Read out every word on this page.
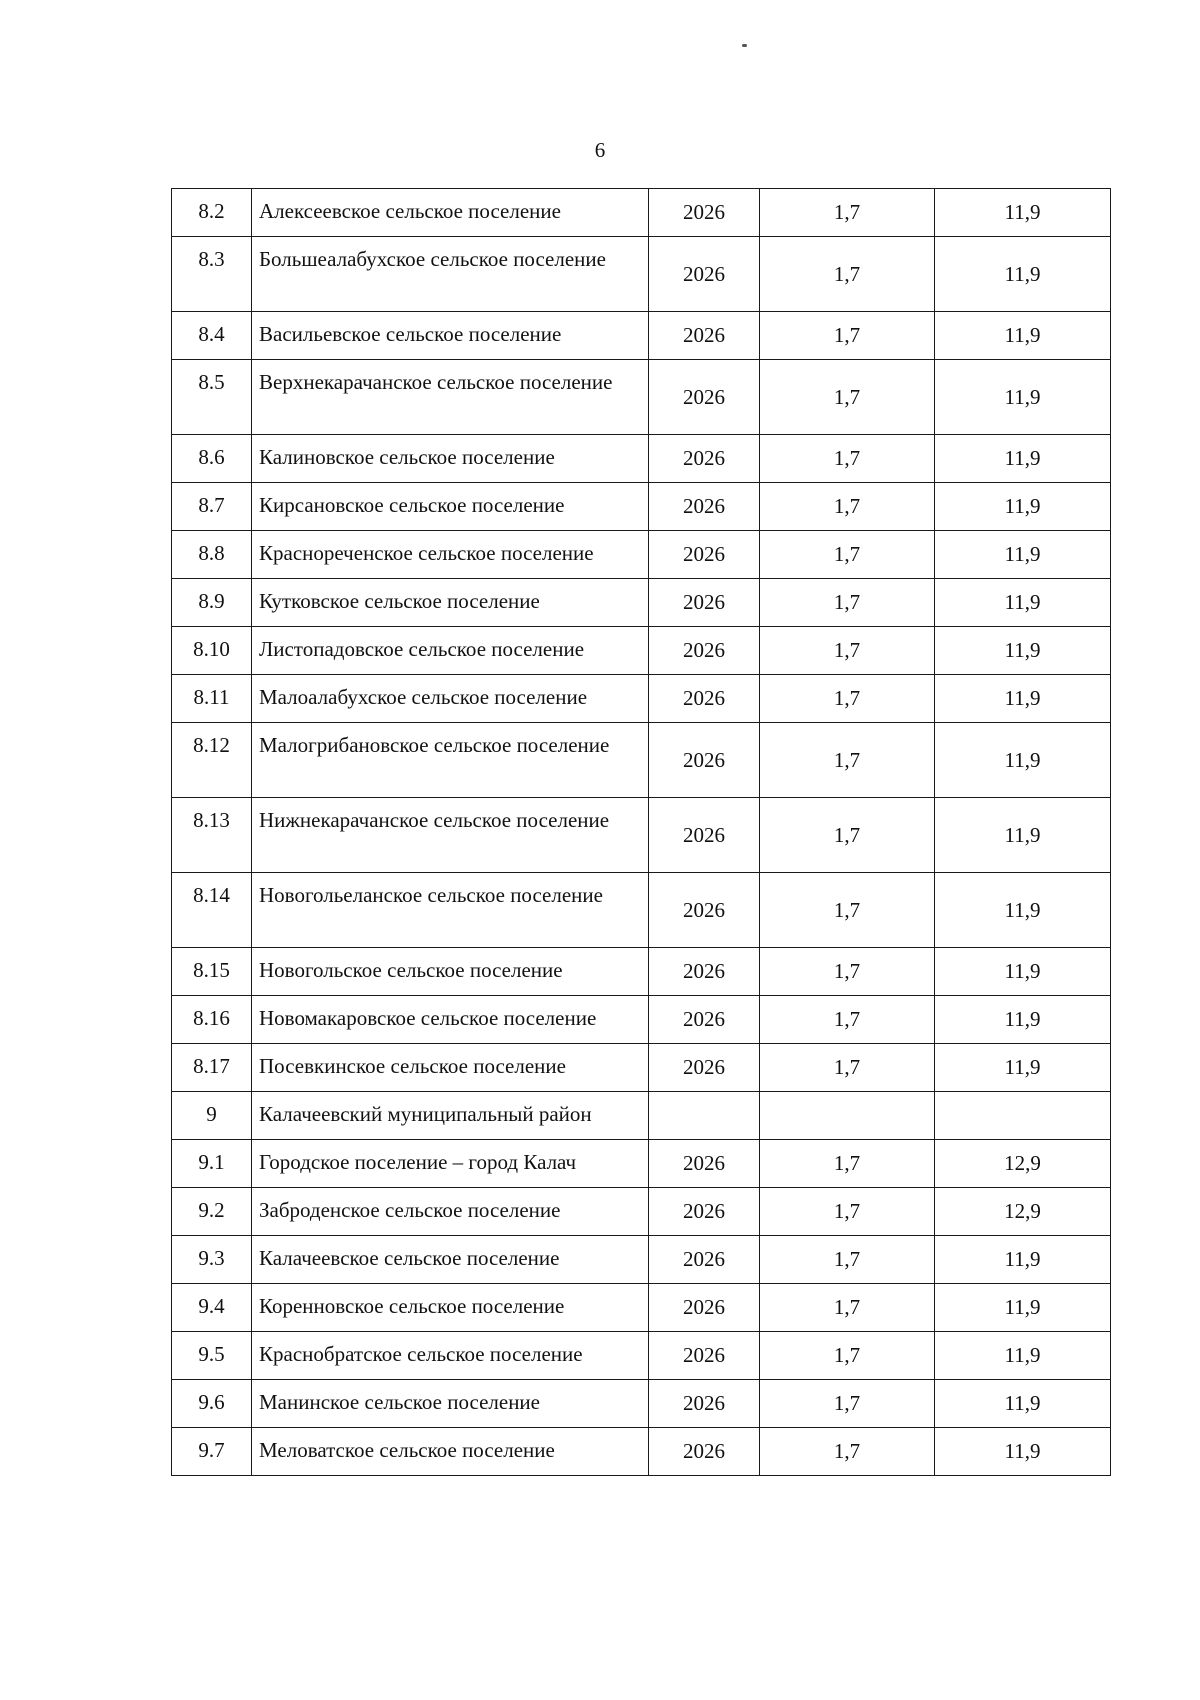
6
8.2	Алексеевское сельское поселение	2026	1,7	11,9
8.3	Большеалабухское сельское поселение	2026	1,7	11,9
8.4	Васильевское сельское поселение	2026	1,7	11,9
8.5	Верхнекарачанское сельское поселение	2026	1,7	11,9
8.6	Калиновское сельское поселение	2026	1,7	11,9
8.7	Кирсановское сельское поселение	2026	1,7	11,9
8.8	Краснореченское сельское поселение	2026	1,7	11,9
8.9	Кутковское сельское поселение	2026	1,7	11,9
8.10	Листопадовское сельское поселение	2026	1,7	11,9
8.11	Малоалабухское сельское поселение	2026	1,7	11,9
8.12	Малогрибановское сельское поселение	2026	1,7	11,9
8.13	Нижнекарачанское сельское поселение	2026	1,7	11,9
8.14	Новогольеланское сельское поселение	2026	1,7	11,9
8.15	Новогольское сельское поселение	2026	1,7	11,9
8.16	Новомакаровское сельское поселение	2026	1,7	11,9
8.17	Посевкинское сельское поселение	2026	1,7	11,9
9	Калачеевский муниципальный район			
9.1	Городское поселение – город Калач	2026	1,7	12,9
9.2	Заброденское сельское поселение	2026	1,7	12,9
9.3	Калачеевское сельское поселение	2026	1,7	11,9
9.4	Коренновское сельское поселение	2026	1,7	11,9
9.5	Краснобратское сельское поселение	2026	1,7	11,9
9.6	Манинское сельское поселение	2026	1,7	11,9
9.7	Меловатское сельское поселение	2026	1,7	11,9
